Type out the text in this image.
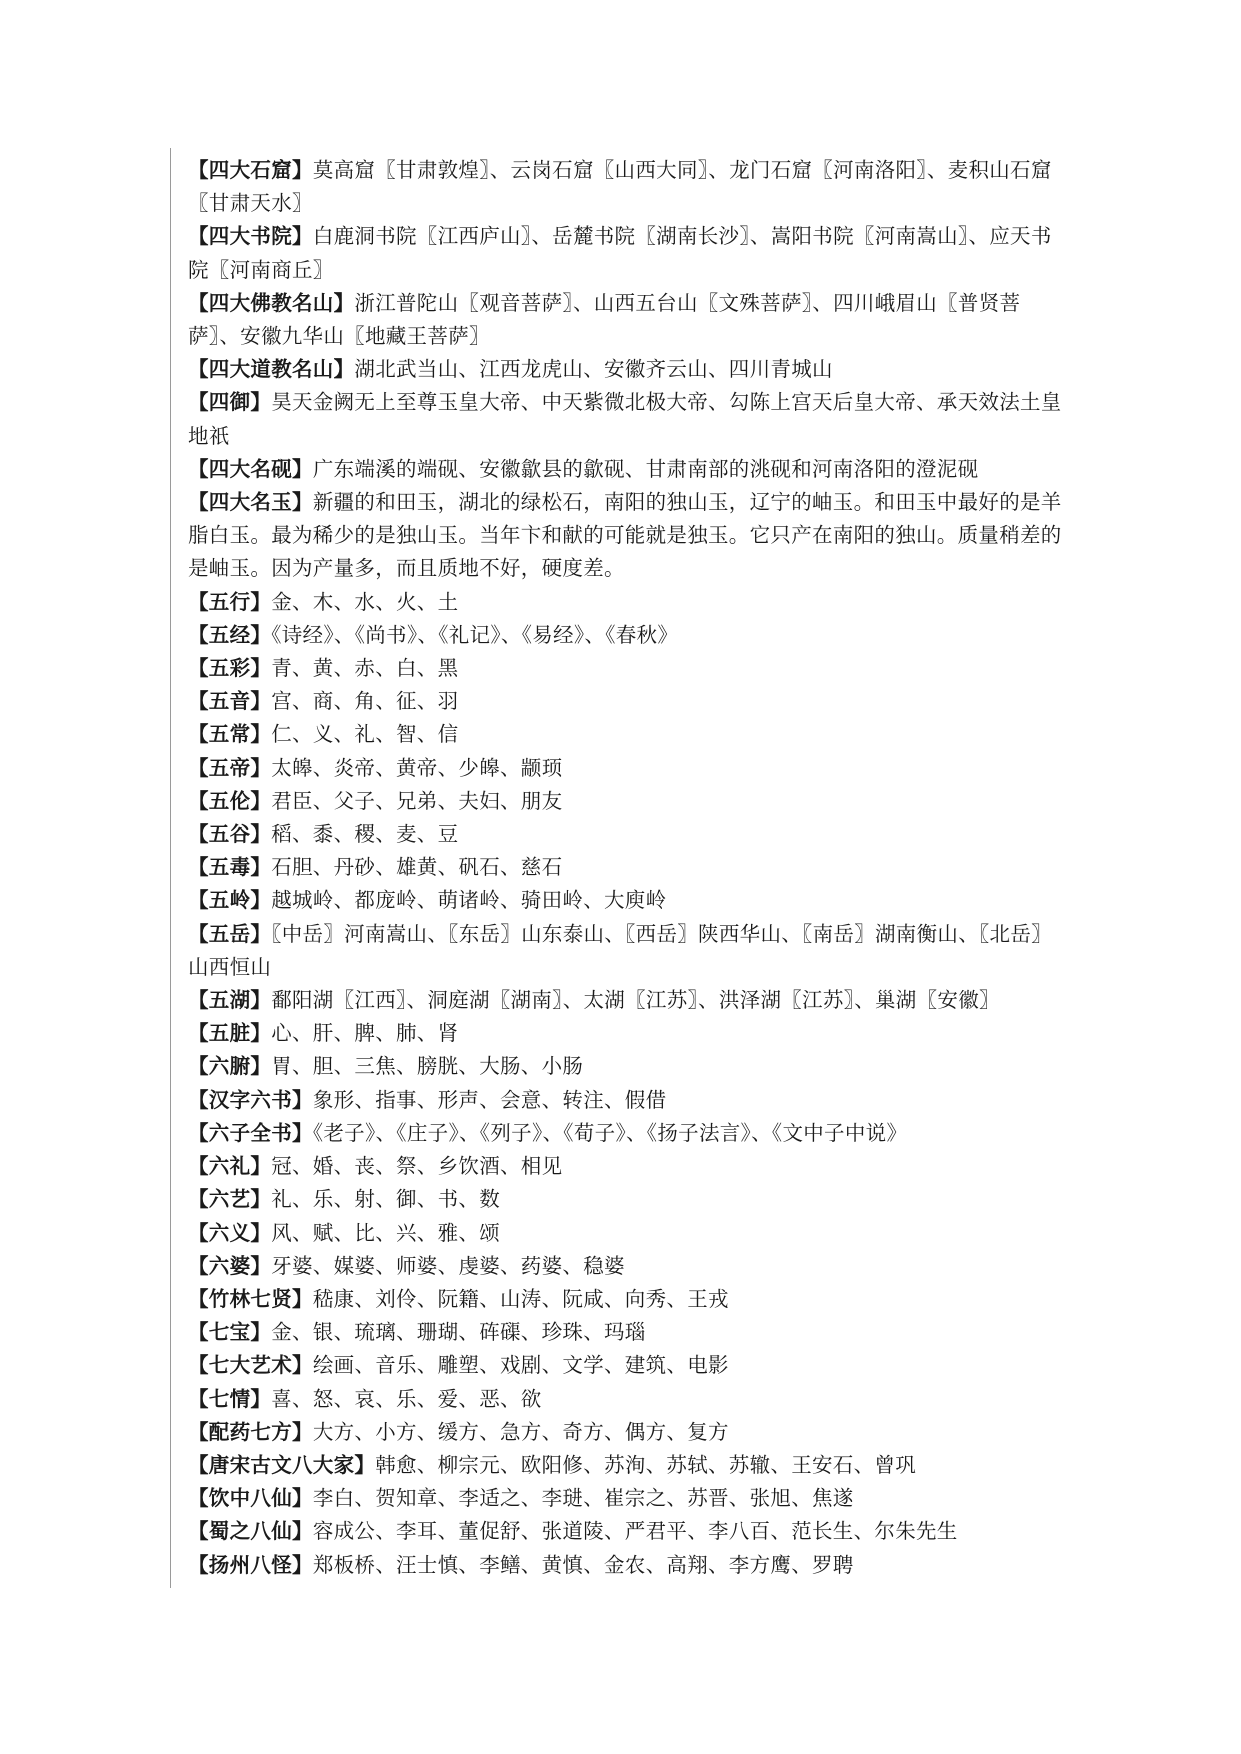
【四大石窟】莫高窟〖甘肃敦煌〗、云岗石窟〖山西大同〗、龙门石窟〖河南洛阳〗、麦积山石窟〖甘肃天水〗

【四大书院】白鹿洞书院〖江西庐山〗、岳麓书院〖湖南长沙〗、嵩阳书院〖河南嵩山〗、应天书院〖河南商丘〗

【四大佛教名山】浙江普陀山〖观音菩萨〗、山西五台山〖文殊菩萨〗、四川峨眉山〖普贤菩萨〗、安徽九华山〖地藏王菩萨〗

【四大道教名山】湖北武当山、江西龙虎山、安徽齐云山、四川青城山

【四御】昊天金阙无上至尊玉皇大帝、中天紫微北极大帝、勾陈上宫天后皇大帝、承天效法土皇地祇

【四大名砚】广东端溪的端砚、安徽歙县的歙砚、甘肃南部的洮砚和河南洛阳的澄泥砚

【四大名玉】新疆的和田玉，湖北的绿松石，南阳的独山玉，辽宁的岫玉。和田玉中最好的是羊脂白玉。最为稀少的是独山玉。当年卞和献的可能就是独玉。它只产在南阳的独山。质量稍差的是岫玉。因为产量多，而且质地不好，硬度差。

【五行】金、木、水、火、土

【五经】《诗经》、《尚书》、《礼记》、《易经》、《春秋》

【五彩】青、黄、赤、白、黑

【五音】宫、商、角、征、羽

【五常】仁、义、礼、智、信

【五帝】太皞、炎帝、黄帝、少皞、颛顼

【五伦】君臣、父子、兄弟、夫妇、朋友

【五谷】稻、黍、稷、麦、豆

【五毒】石胆、丹砂、雄黄、矾石、慈石

【五岭】越城岭、都庞岭、萌诸岭、骑田岭、大庾岭

【五岳】〖中岳〗河南嵩山、〖东岳〗山东泰山、〖西岳〗陕西华山、〖南岳〗湖南衡山、〖北岳〗山西恒山

【五湖】鄱阳湖〖江西〗、洞庭湖〖湖南〗、太湖〖江苏〗、洪泽湖〖江苏〗、巢湖〖安徽〗

【五脏】心、肝、脾、肺、肾

【六腑】胃、胆、三焦、膀胱、大肠、小肠

【汉字六书】象形、指事、形声、会意、转注、假借

【六子全书】《老子》、《庄子》、《列子》、《荀子》、《扬子法言》、《文中子中说》

【六礼】冠、婚、丧、祭、乡饮酒、相见

【六艺】礼、乐、射、御、书、数

【六义】风、赋、比、兴、雅、颂

【六婆】牙婆、媒婆、师婆、虔婆、药婆、稳婆

【竹林七贤】嵇康、刘伶、阮籍、山涛、阮咸、向秀、王戎

【七宝】金、银、琉璃、珊瑚、砗磲、珍珠、玛瑙

【七大艺术】绘画、音乐、雕塑、戏剧、文学、建筑、电影

【七情】喜、怒、哀、乐、爱、恶、欲

【配药七方】大方、小方、缓方、急方、奇方、偶方、复方

【唐宋古文八大家】韩愈、柳宗元、欧阳修、苏洵、苏轼、苏辙、王安石、曾巩

【饮中八仙】李白、贺知章、李适之、李琎、崔宗之、苏晋、张旭、焦遂

【蜀之八仙】容成公、李耳、董促舒、张道陵、严君平、李八百、范长生、尔朱先生

【扬州八怪】郑板桥、汪士慎、李鳝、黄慎、金农、高翔、李方鹰、罗聘
